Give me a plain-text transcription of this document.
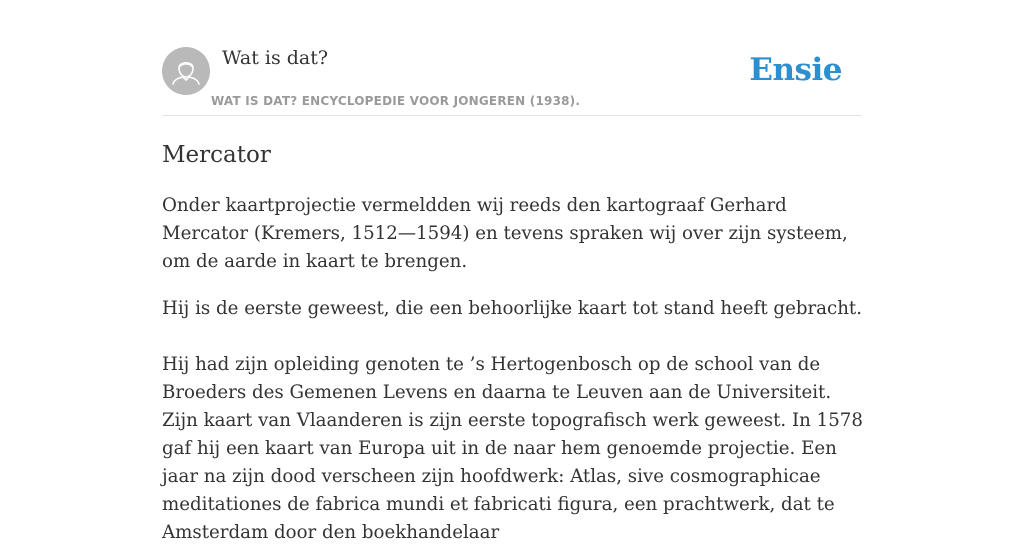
Wat is dat?
WAT IS DAT? ENCYCLOPEDIE VOOR JONGEREN (1938).
Ensie
Mercator

Onder kaartprojectie vermeldden wij reeds den kartograaf Gerhard Mercator (Kremers, 1512—1594) en tevens spraken wij over zijn systeem, om de aarde in kaart te brengen.

Hij is de eerste geweest, die een behoorlijke kaart tot stand heeft gebracht.

Hij had zijn opleiding genoten te ’s Hertogenbosch op de school van de Broeders des Gemenen Levens en daarna te Leuven aan de Universiteit. Zijn kaart van Vlaanderen is zijn eerste topografisch werk geweest. In 1578 gaf hij een kaart van Europa uit in de naar hem genoemde projectie. Een jaar na zijn dood verscheen zijn hoofdwerk: Atlas, sive cosmographicae meditationes de fabrica mundi et fabricati figura, een prachtwerk, dat te Amsterdam door den boekhandelaar
